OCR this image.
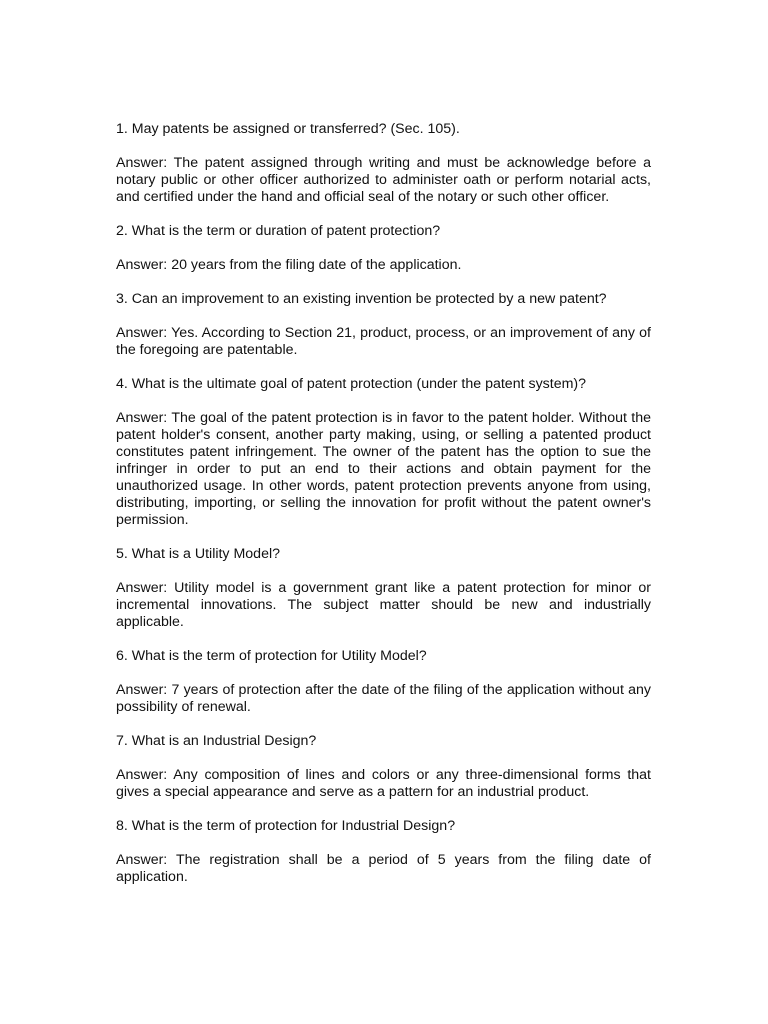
1. May patents be assigned or transferred? (Sec. 105).

Answer: The patent assigned through writing and must be acknowledge before a notary public or other officer authorized to administer oath or perform notarial acts, and certified under the hand and official seal of the notary or such other officer.

2. What is the term or duration of patent protection?

Answer: 20 years from the filing date of the application.

3. Can an improvement to an existing invention be protected by a new patent?

Answer: Yes. According to Section 21, product, process, or an improvement of any of the foregoing are patentable.

4. What is the ultimate goal of patent protection (under the patent system)?

Answer: The goal of the patent protection is in favor to the patent holder. Without the patent holder's consent, another party making, using, or selling a patented product constitutes patent infringement. The owner of the patent has the option to sue the infringer in order to put an end to their actions and obtain payment for the unauthorized usage. In other words, patent protection prevents anyone from using, distributing, importing, or selling the innovation for profit without the patent owner's permission.

5. What is a Utility Model?

Answer: Utility model is a government grant like a patent protection for minor or incremental innovations. The subject matter should be new and industrially applicable.

6. What is the term of protection for Utility Model?

Answer: 7 years of protection after the date of the filing of the application without any possibility of renewal.

7. What is an Industrial Design?

Answer: Any composition of lines and colors or any three-dimensional forms that gives a special appearance and serve as a pattern for an industrial product.

8. What is the term of protection for Industrial Design?

Answer: The registration shall be a period of 5 years from the filing date of application.
